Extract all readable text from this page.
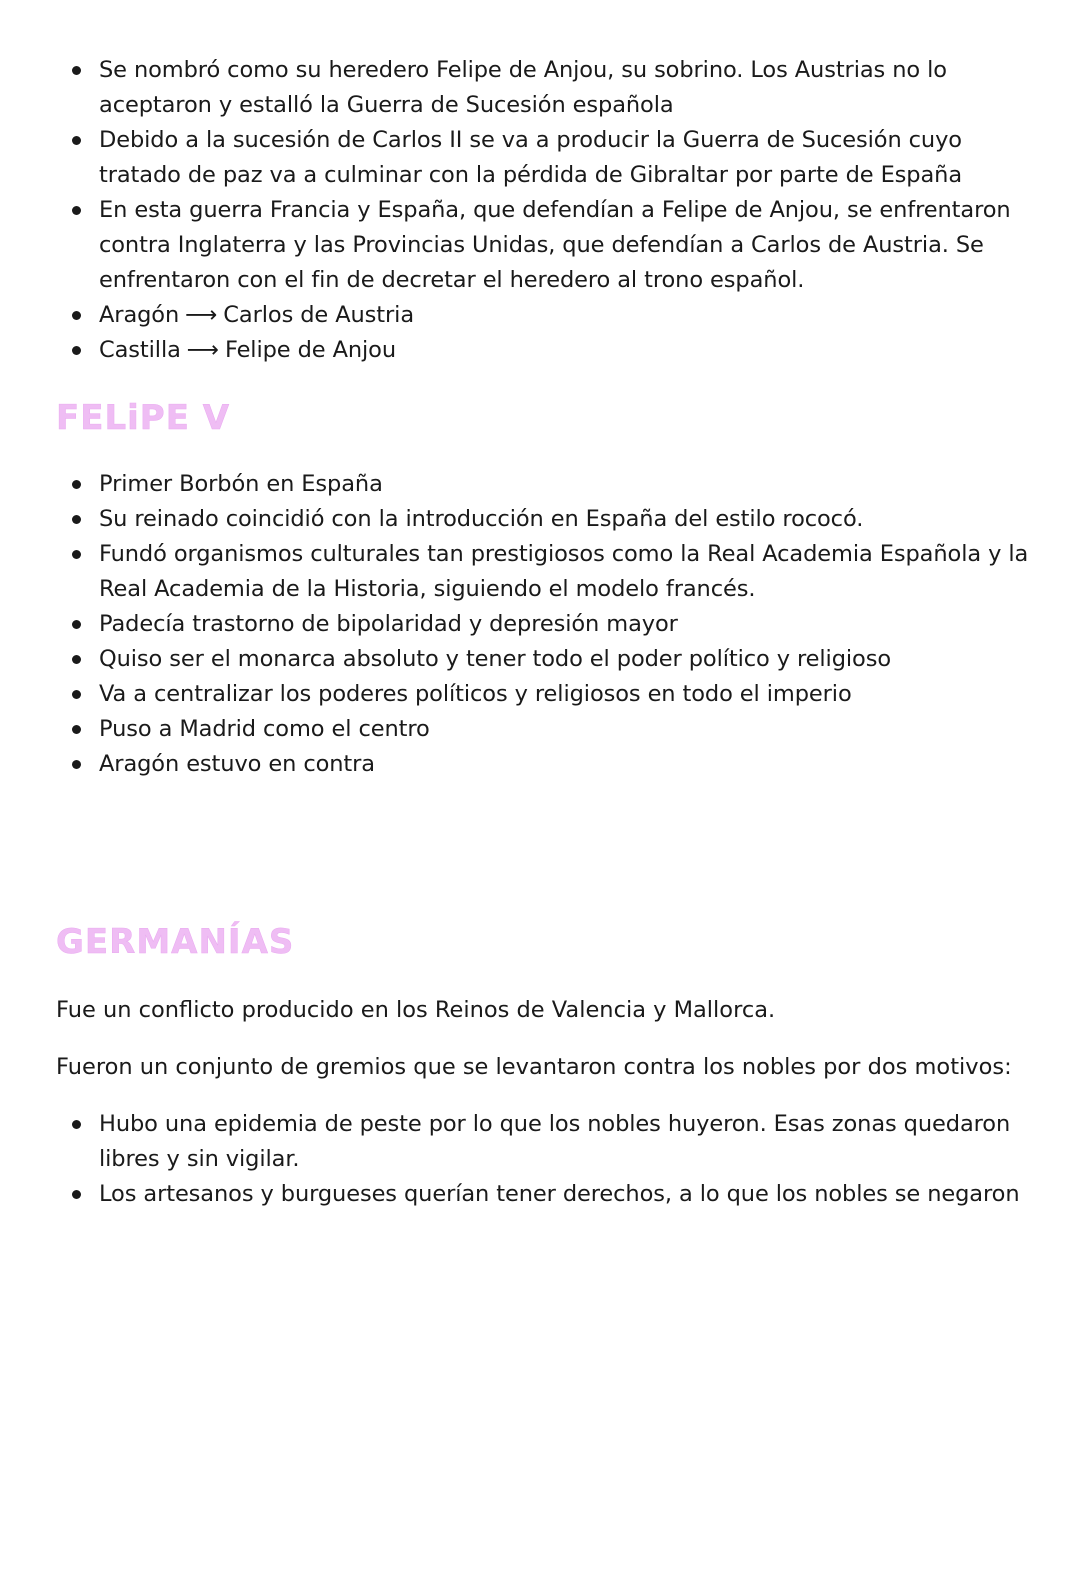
Se nombró como su heredero Felipe de Anjou, su sobrino. Los Austrias no lo aceptaron y estalló la Guerra de Sucesión española
Debido a la sucesión de Carlos II se va a producir la Guerra de Sucesión cuyo tratado de paz va a culminar con la pérdida de Gibraltar por parte de España
En esta guerra Francia y España, que defendían a Felipe de Anjou, se enfrentaron contra Inglaterra y las Provincias Unidas, que defendían a Carlos de Austria. Se enfrentaron con el fin de decretar el heredero al trono español.
Aragón ⟶ Carlos de Austria
Castilla ⟶ Felipe de Anjou
FELiPE V
Primer Borbón en España
Su reinado coincidió con la introducción en España del estilo rococó.
Fundó organismos culturales tan prestigiosos como la Real Academia Española y la Real Academia de la Historia, siguiendo el modelo francés.
Padecía trastorno de bipolaridad y depresión mayor
Quiso ser el monarca absoluto y tener todo el poder político y religioso
Va a centralizar los poderes políticos y religiosos en todo el imperio
Puso a Madrid como el centro
Aragón estuvo en contra
GERMANÍAS

Fue un conflicto producido en los Reinos de Valencia y Mallorca.

Fueron un conjunto de gremios que se levantaron contra los nobles por dos motivos:

Hubo una epidemia de peste por lo que los nobles huyeron. Esas zonas quedaron libres y sin vigilar.
Los artesanos y burgueses querían tener derechos, a lo que los nobles se negaron
